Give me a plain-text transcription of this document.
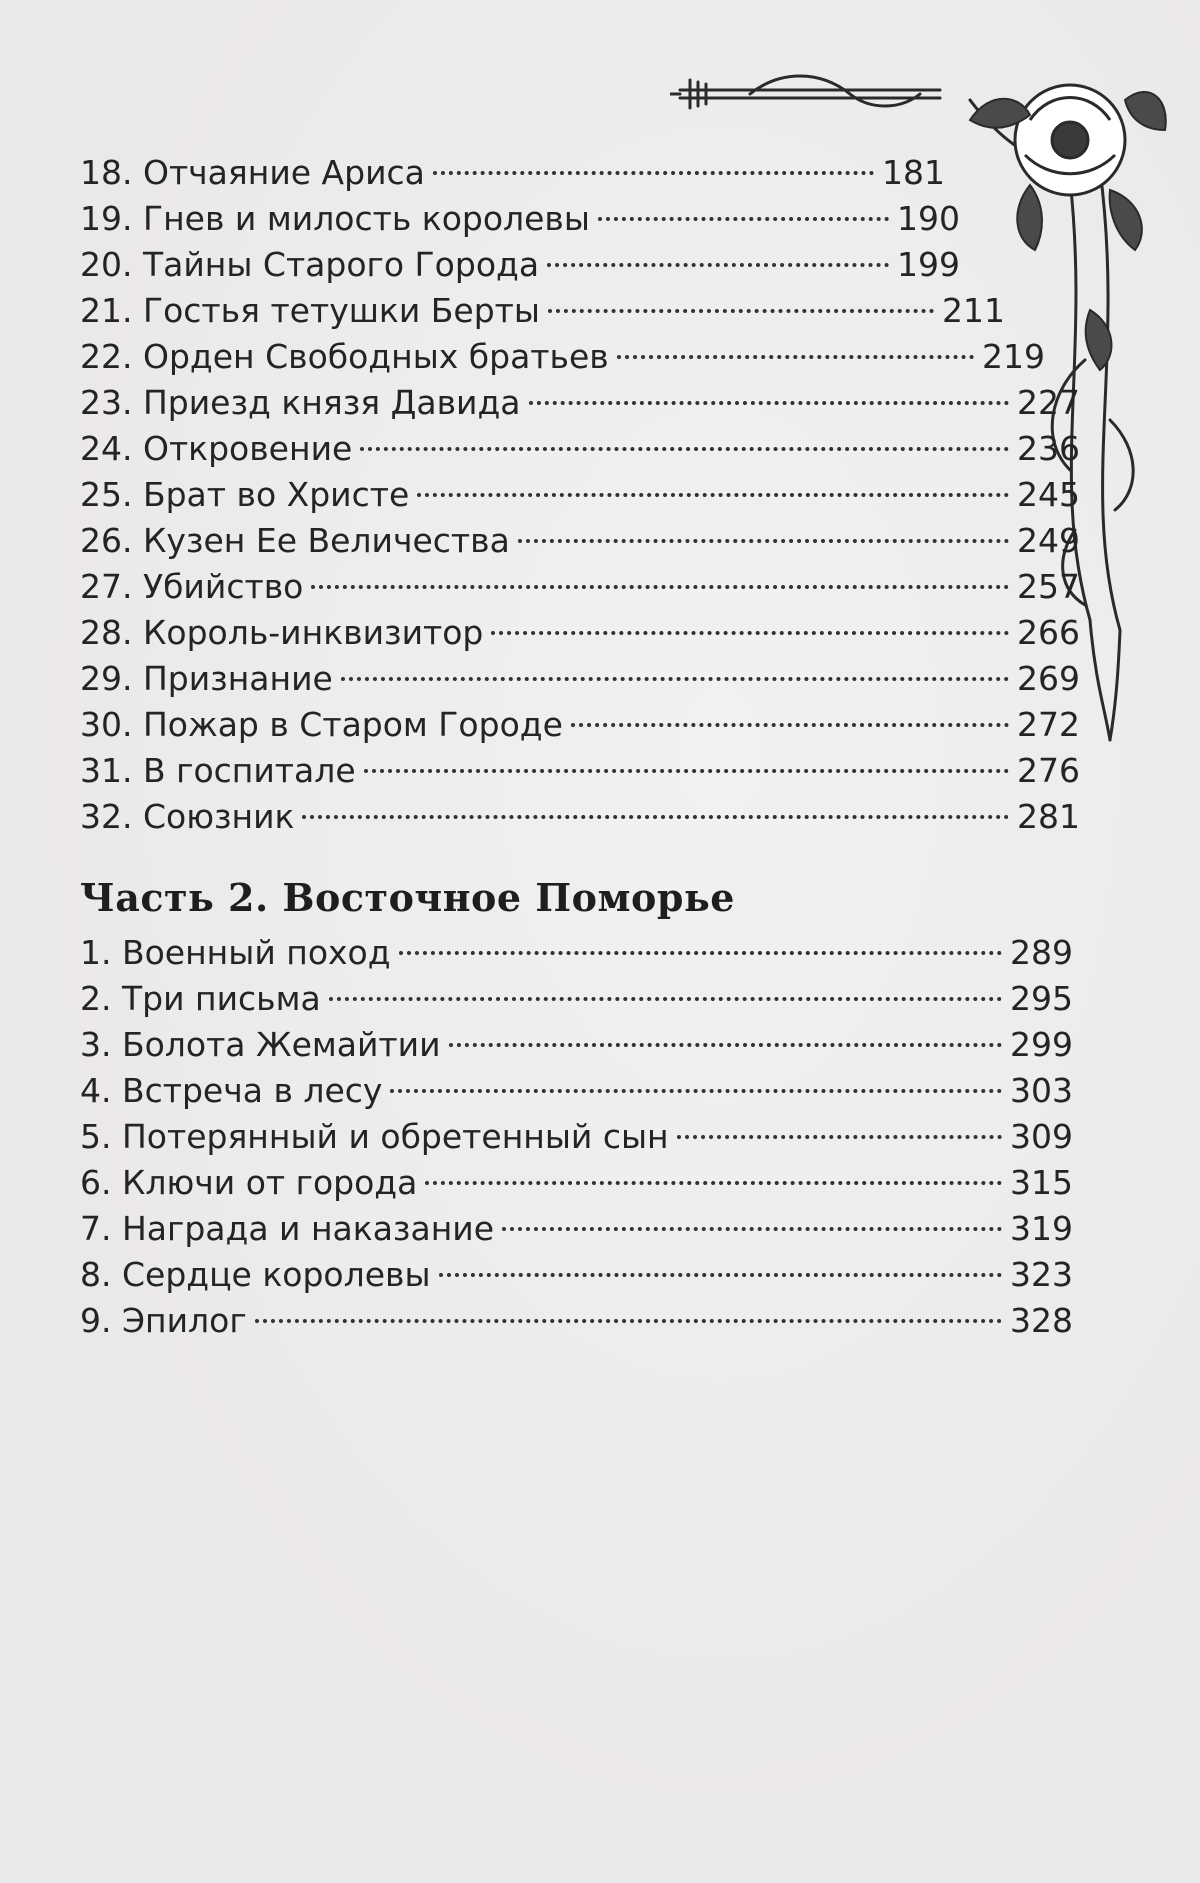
18. Отчаяние Ариса	181
19. Гнев и милость королевы	190
20. Тайны Старого Города	199
21. Гостья тетушки Берты	211
22. Орден Свободных братьев	219
23. Приезд князя Давида	227
24. Откровение	236
25. Брат во Христе	245
26. Кузен Ее Величества	249
27. Убийство	257
28. Король-инквизитор	266
29. Признание	269
30. Пожар в Старом Городе	272
31. В госпитале	276
32. Союзник	281
1. Военный поход	289
2. Три письма	295
3. Болота Жемайтии	299
4. Встреча в лесу	303
5. Потерянный и обретенный сын	309
6. Ключи от города	315
7. Награда и наказание	319
8. Сердце королевы	323
9. Эпилог	328
Часть 2. Восточное Поморье
